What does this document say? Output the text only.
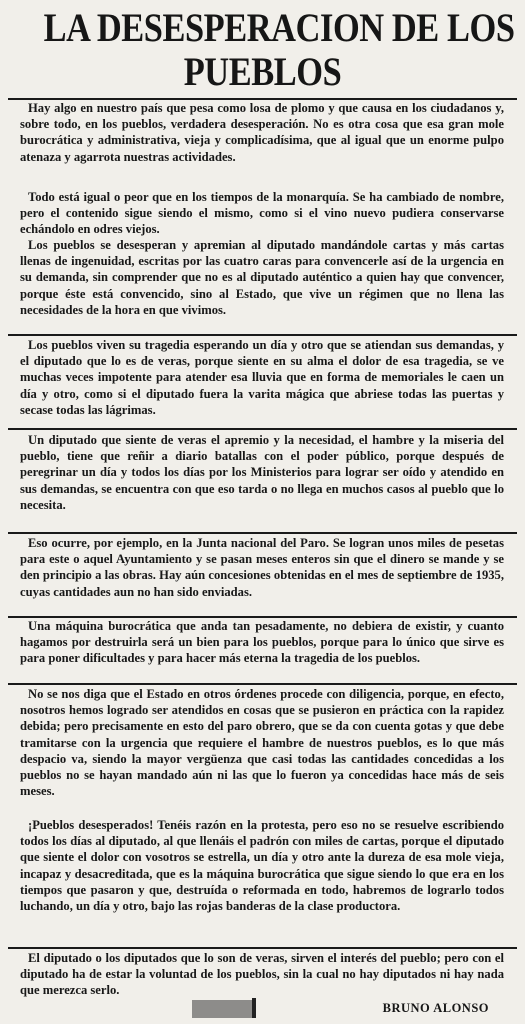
LA DESESPERACION DE LOS
PUEBLOS

Hay algo en nuestro país que pesa como losa de plomo y que causa en los ciudadanos y, sobre todo, en los pueblos, verdadera desesperación. No es otra cosa que esa gran mole burocrática y administrativa, vieja y complicadísima, que al igual que un enorme pulpo atenaza y agarrota nuestras actividades.

Todo está igual o peor que en los tiempos de la monarquía. Se ha cambiado de nombre, pero el contenido sigue siendo el mismo, como si el vino nuevo pudiera conservarse echándolo en odres viejos.

Los pueblos se desesperan y apremian al diputado mandándole cartas y más cartas llenas de ingenuidad, escritas por las cuatro caras para convencerle así de la urgencia en su demanda, sin comprender que no es al diputado auténtico a quien hay que convencer, porque éste está convencido, sino al Estado, que vive un régimen que no llena las necesidades de la hora en que vivimos.

Los pueblos viven su tragedia esperando un día y otro que se atiendan sus demandas, y el diputado que lo es de veras, porque siente en su alma el dolor de esa tragedia, se ve muchas veces impotente para atender esa lluvia que en forma de memoriales le caen un día y otro, como si el diputado fuera la varita mágica que abriese todas las puertas y secase todas las lágrimas.

Un diputado que siente de veras el apremio y la necesidad, el hambre y la miseria del pueblo, tiene que reñir a diario batallas con el poder público, porque después de peregrinar un día y todos los días por los Ministerios para lograr ser oído y atendido en sus demandas, se encuentra con que eso tarda o no llega en muchos casos al pueblo que lo necesita.

Eso ocurre, por ejemplo, en la Junta nacional del Paro. Se logran unos miles de pesetas para este o aquel Ayuntamiento y se pasan meses enteros sin que el dinero se mande y se den principio a las obras. Hay aún concesiones obtenidas en el mes de septiembre de 1935, cuyas cantidades aun no han sido enviadas.

Una máquina burocrática que anda tan pesadamente, no debiera de existir, y cuanto hagamos por destruirla será un bien para los pueblos, porque para lo único que sirve es para poner dificultades y para hacer más eterna la tragedia de los pueblos.

No se nos diga que el Estado en otros órdenes procede con diligencia, porque, en efecto, nosotros hemos logrado ser atendidos en cosas que se pusieron en práctica con la rapidez debida; pero precisamente en esto del paro obrero, que se da con cuenta gotas y que debe tramitarse con la urgencia que requiere el hambre de nuestros pueblos, es lo que más despacio va, siendo la mayor vergüenza que casi todas las cantidades concedidas a los pueblos no se hayan mandado aún ni las que lo fueron ya concedidas hace más de seis meses.

¡Pueblos desesperados! Tenéis razón en la protesta, pero eso no se resuelve escribiendo todos los días al diputado, al que llenáis el padrón con miles de cartas, porque el diputado que siente el dolor con vosotros se estrella, un día y otro ante la dureza de esa mole vieja, incapaz y desacreditada, que es la máquina burocrática que sigue siendo lo que era en los tiempos que pasaron y que, destruída o reformada en todo, habremos de lograrlo todos luchando, un día y otro, bajo las rojas banderas de la clase productora.

El diputado o los diputados que lo son de veras, sirven el interés del pueblo; pero con el diputado ha de estar la voluntad de los pueblos, sin la cual no hay diputados ni hay nada que merezca serlo.

BRUNO ALONSO
